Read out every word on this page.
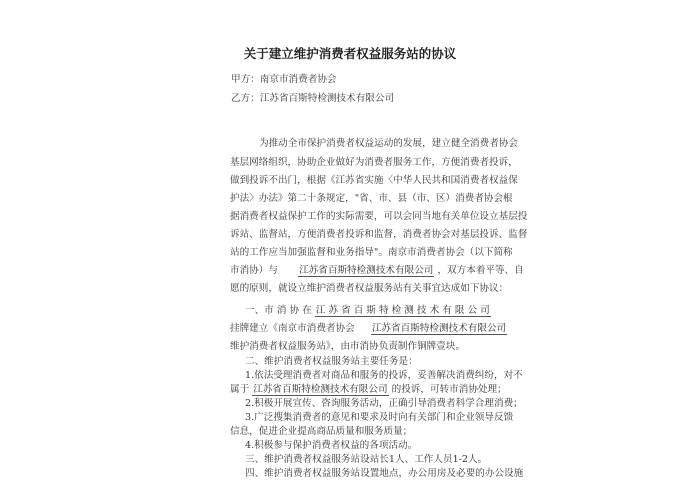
关于建立维护消费者权益服务站的协议
甲方：南京市消费者协会
乙方：江苏省百斯特检测技术有限公司
为推动全市保护消费者权益运动的发展，建立健全消费者协会
基层网络组织，协助企业做好为消费者服务工作，方便消费者投诉，
做到投诉不出门，根据《江苏省实施〈中华人民共和国消费者权益保
护法〉办法》第二十条规定，"省、市、县（市、区）消费者协会根
据消费者权益保护工作的实际需要，可以会同当地有关单位设立基层投
诉站、监督站，方便消费者投诉和监督，消费者协会对基层投诉、监督
站的工作应当加强监督和业务指导"。南京市消费者协会（以下简称
市消协）与 江苏省百斯特检测技术有限公司 ，双方本着平等、自
愿的原则，就设立维护消费者权益服务站有关事宜达成如下协议：
一、市 消 协 在 江 苏 省 百 斯 特 检 测 技 术 有 限 公 司
挂牌建立《南京市消费者协会 江苏省百斯特检测技术有限公司
维护消费者权益服务站》，由市消协负责制作铜牌壹块。
二、维护消费者权益服务站主要任务是：
1.依法受理消费者对商品和服务的投诉，妥善解决消费纠纷，对不
属于 江苏省百斯特检测技术有限公司 的投诉，可转市消协处理；
2.积极开展宣传、咨询服务活动，正确引导消费者科学合理消费；
3.广泛搜集消费者的意见和要求及时向有关部门和企业领导反馈
信息，促进企业提高商品质量和服务质量；
4.积极参与保护消费者权益的各项活动。
三、维护消费者权益服务站设站长1人、工作人员1-2人。
四、维护消费者权益服务站设置地点，办公用房及必要的办公设施
